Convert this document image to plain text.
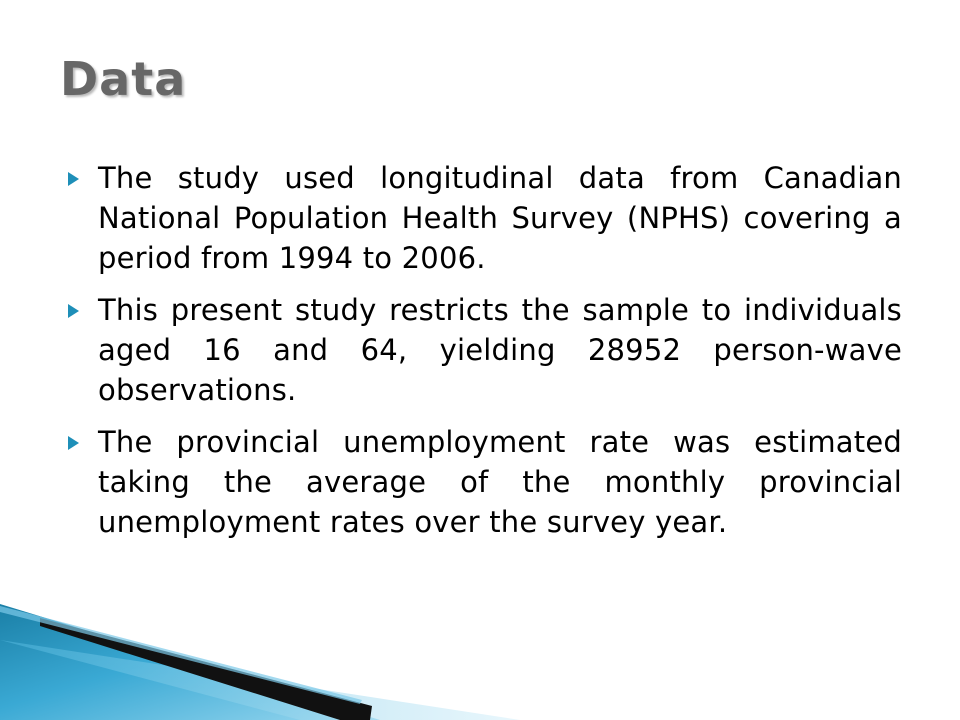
Data
The study used longitudinal data from Canadian National Population Health Survey (NPHS) covering a period from 1994 to 2006.
This present study restricts the sample to individuals aged 16 and 64, yielding 28952 person-wave observations.
The provincial unemployment rate was estimated taking the average of the monthly provincial unemployment rates over the survey year.
